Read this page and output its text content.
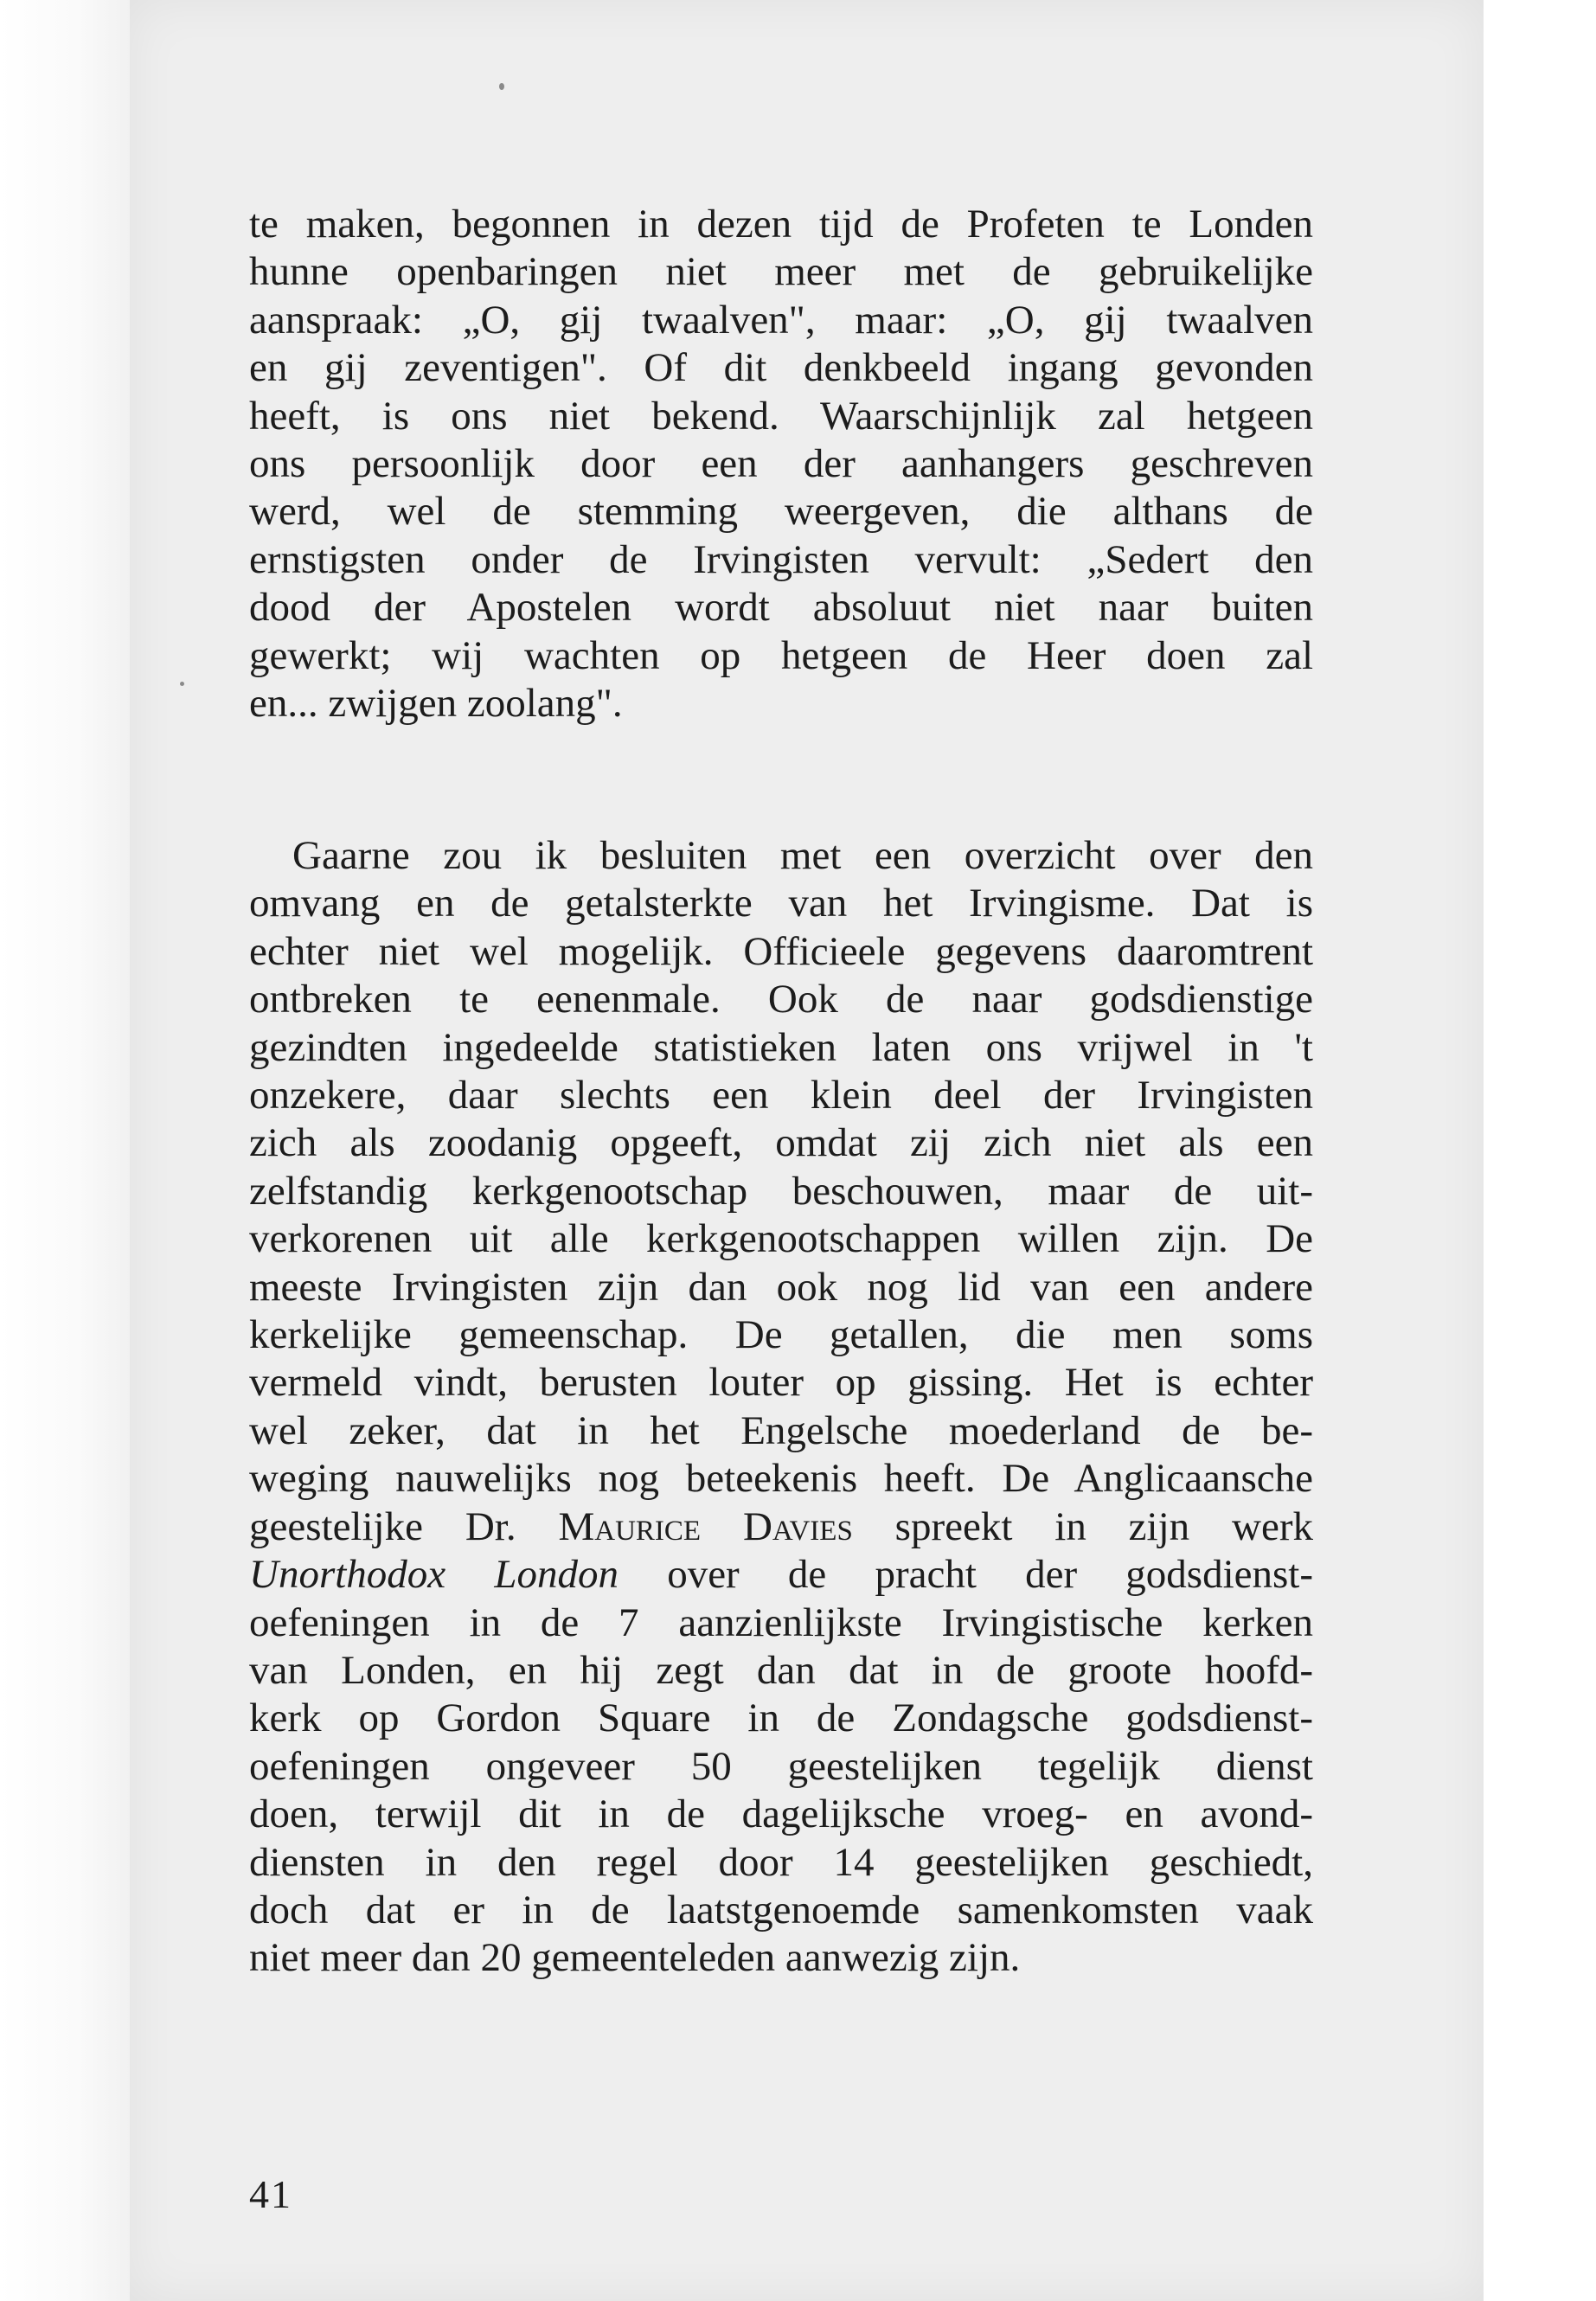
te maken, begonnen in dezen tijd de Profeten te Londen
hunne openbaringen niet meer met de gebruikelijke
aanspraak: „O, gij twaalven", maar: „O, gij twaalven
en gij zeventigen". Of dit denkbeeld ingang gevonden
heeft, is ons niet bekend. Waarschijnlijk zal hetgeen
ons persoonlijk door een der aanhangers geschreven
werd, wel de stemming weergeven, die althans de
ernstigsten onder de Irvingisten vervult: „Sedert den
dood der Apostelen wordt absoluut niet naar buiten
gewerkt; wij wachten op hetgeen de Heer doen zal
en... zwijgen zoolang".
Gaarne zou ik besluiten met een overzicht over den
omvang en de getalsterkte van het Irvingisme. Dat is
echter niet wel mogelijk. Officieele gegevens daaromtrent
ontbreken te eenenmale. Ook de naar godsdienstige
gezindten ingedeelde statistieken laten ons vrijwel in 't
onzekere, daar slechts een klein deel der Irvingisten
zich als zoodanig opgeeft, omdat zij zich niet als een
zelfstandig kerkgenootschap beschouwen, maar de uit-
verkorenen uit alle kerkgenootschappen willen zijn. De
meeste Irvingisten zijn dan ook nog lid van een andere
kerkelijke gemeenschap. De getallen, die men soms
vermeld vindt, berusten louter op gissing. Het is echter
wel zeker, dat in het Engelsche moederland de be-
weging nauwelijks nog beteekenis heeft. De Anglicaansche
geestelijke Dr. Maurice Davies spreekt in zijn werk
Unorthodox London over de pracht der godsdienst-
oefeningen in de 7 aanzienlijkste Irvingistische kerken
van Londen, en hij zegt dan dat in de groote hoofd-
kerk op Gordon Square in de Zondagsche godsdienst-
oefeningen ongeveer 50 geestelijken tegelijk dienst
doen, terwijl dit in de dagelijksche vroeg- en avond-
diensten in den regel door 14 geestelijken geschiedt,
doch dat er in de laatstgenoemde samenkomsten vaak
niet meer dan 20 gemeenteleden aanwezig zijn.
41
